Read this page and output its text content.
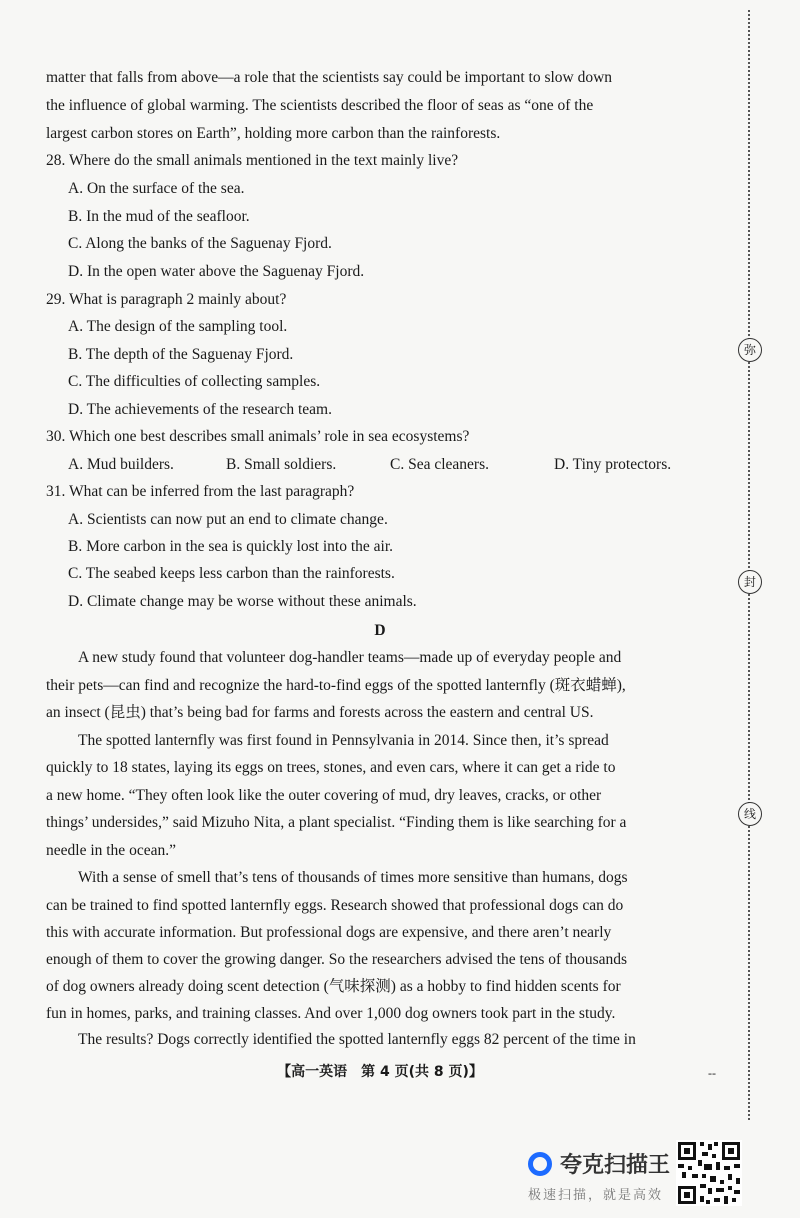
matter that falls from above—a role that the scientists say could be important to slow down
the influence of global warming. The scientists described the floor of seas as “one of the
largest carbon stores on Earth”, holding more carbon than the rainforests.
28. Where do the small animals mentioned in the text mainly live?
A. On the surface of the sea.
B. In the mud of the seafloor.
C. Along the banks of the Saguenay Fjord.
D. In the open water above the Saguenay Fjord.
29. What is paragraph 2 mainly about?
A. The design of the sampling tool.
B. The depth of the Saguenay Fjord.
C. The difficulties of collecting samples.
D. The achievements of the research team.
30. Which one best describes small animals’ role in sea ecosystems?
A. Mud builders.	B. Small soldiers.	C. Sea cleaners.	D. Tiny protectors.
31. What can be inferred from the last paragraph?
A. Scientists can now put an end to climate change.
B. More carbon in the sea is quickly lost into the air.
C. The seabed keeps less carbon than the rainforests.
D. Climate change may be worse without these animals.
D
A new study found that volunteer dog-handler teams—made up of everyday people and
their pets—can find and recognize the hard-to-find eggs of the spotted lanternfly (斑衣蜡蝉),
an insect (昆虫) that’s being bad for farms and forests across the eastern and central US.
The spotted lanternfly was first found in Pennsylvania in 2014. Since then, it’s spread
quickly to 18 states, laying its eggs on trees, stones, and even cars, where it can get a ride to
a new home. “They often look like the outer covering of mud, dry leaves, cracks, or other
things’ undersides,” said Mizuho Nita, a plant specialist. “Finding them is like searching for a
needle in the ocean.”
With a sense of smell that’s tens of thousands of times more sensitive than humans, dogs
can be trained to find spotted lanternfly eggs. Research showed that professional dogs can do
this with accurate information. But professional dogs are expensive, and there aren’t nearly
enough of them to cover the growing danger. So the researchers advised the tens of thousands
of dog owners already doing scent detection (气味探测) as a hobby to find hidden scents for
fun in homes, parks, and training classes. And over 1,000 dog owners took part in the study.
The results? Dogs correctly identified the spotted lanternfly eggs 82 percent of the time in
弥
封
线
【高一英语　第 4 页(共 8 页)】	--
夸克扫描王
极速扫描，就是高效
